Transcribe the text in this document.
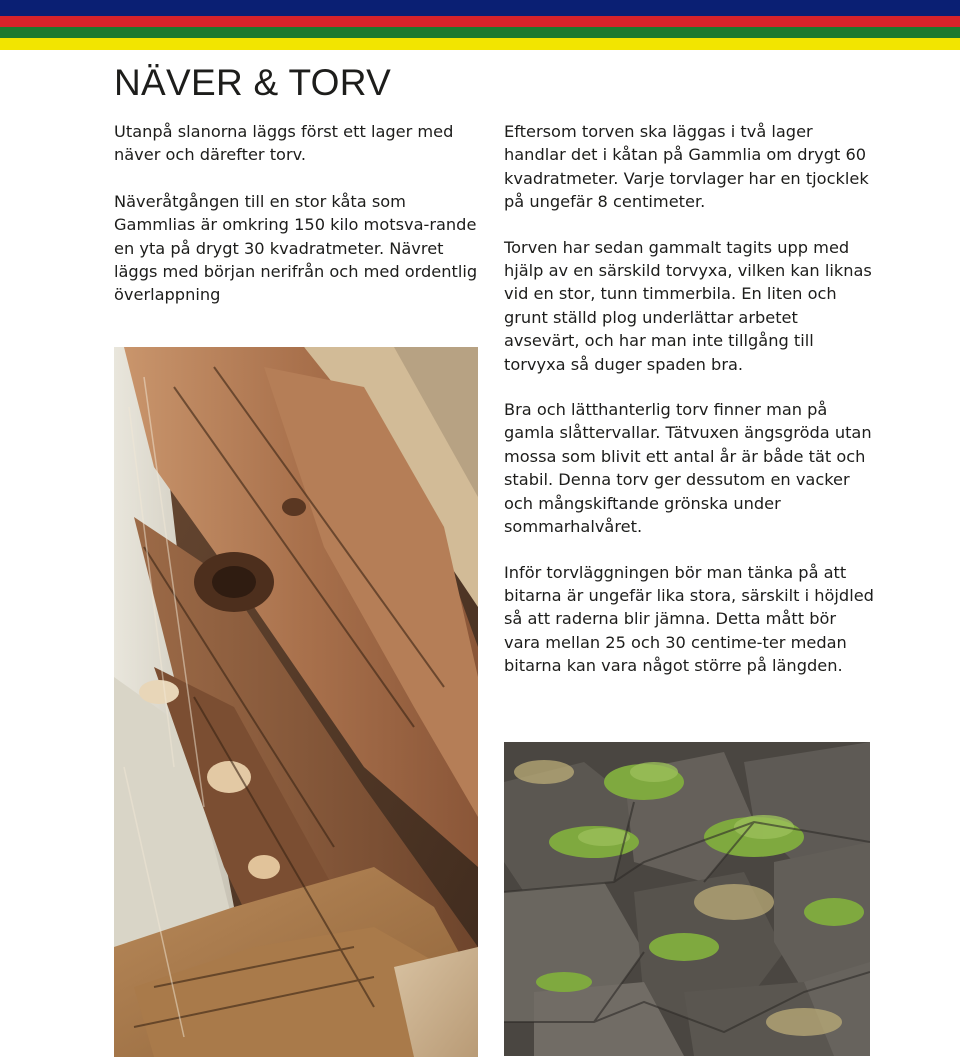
NÄVER & TORV

Utanpå slanorna läggs först ett lager med näver och därefter torv.

Näveråtgången till en stor kåta som Gammlias är omkring 150 kilo motsva-rande en yta på drygt 30 kvadratmeter. Nävret läggs med början nerifrån och med ordentlig överlappning

Eftersom torven ska läggas i två lager handlar det i kåtan på Gammlia om drygt 60 kvadratmeter. Varje torvlager har en tjocklek på ungefär 8 centimeter.

Torven har sedan gammalt tagits upp med hjälp av en särskild torvyxa, vilken kan liknas vid en stor, tunn timmerbila. En liten och grunt ställd plog underlättar arbetet avsevärt, och har man inte tillgång till torvyxa så duger spaden bra.

Bra och lätthanterlig torv finner man på gamla slåttervallar. Tätvuxen ängsgröda utan mossa som blivit ett antal år är både tät och stabil. Denna torv ger dessutom en vacker och mångskiftande grönska under sommarhalvåret.

Inför torvläggningen bör man tänka på att bitarna är ungefär lika stora, särskilt i höjdled så att raderna blir jämna. Detta mått bör vara mellan 25 och 30 centime-ter medan bitarna kan vara något större på längden.
